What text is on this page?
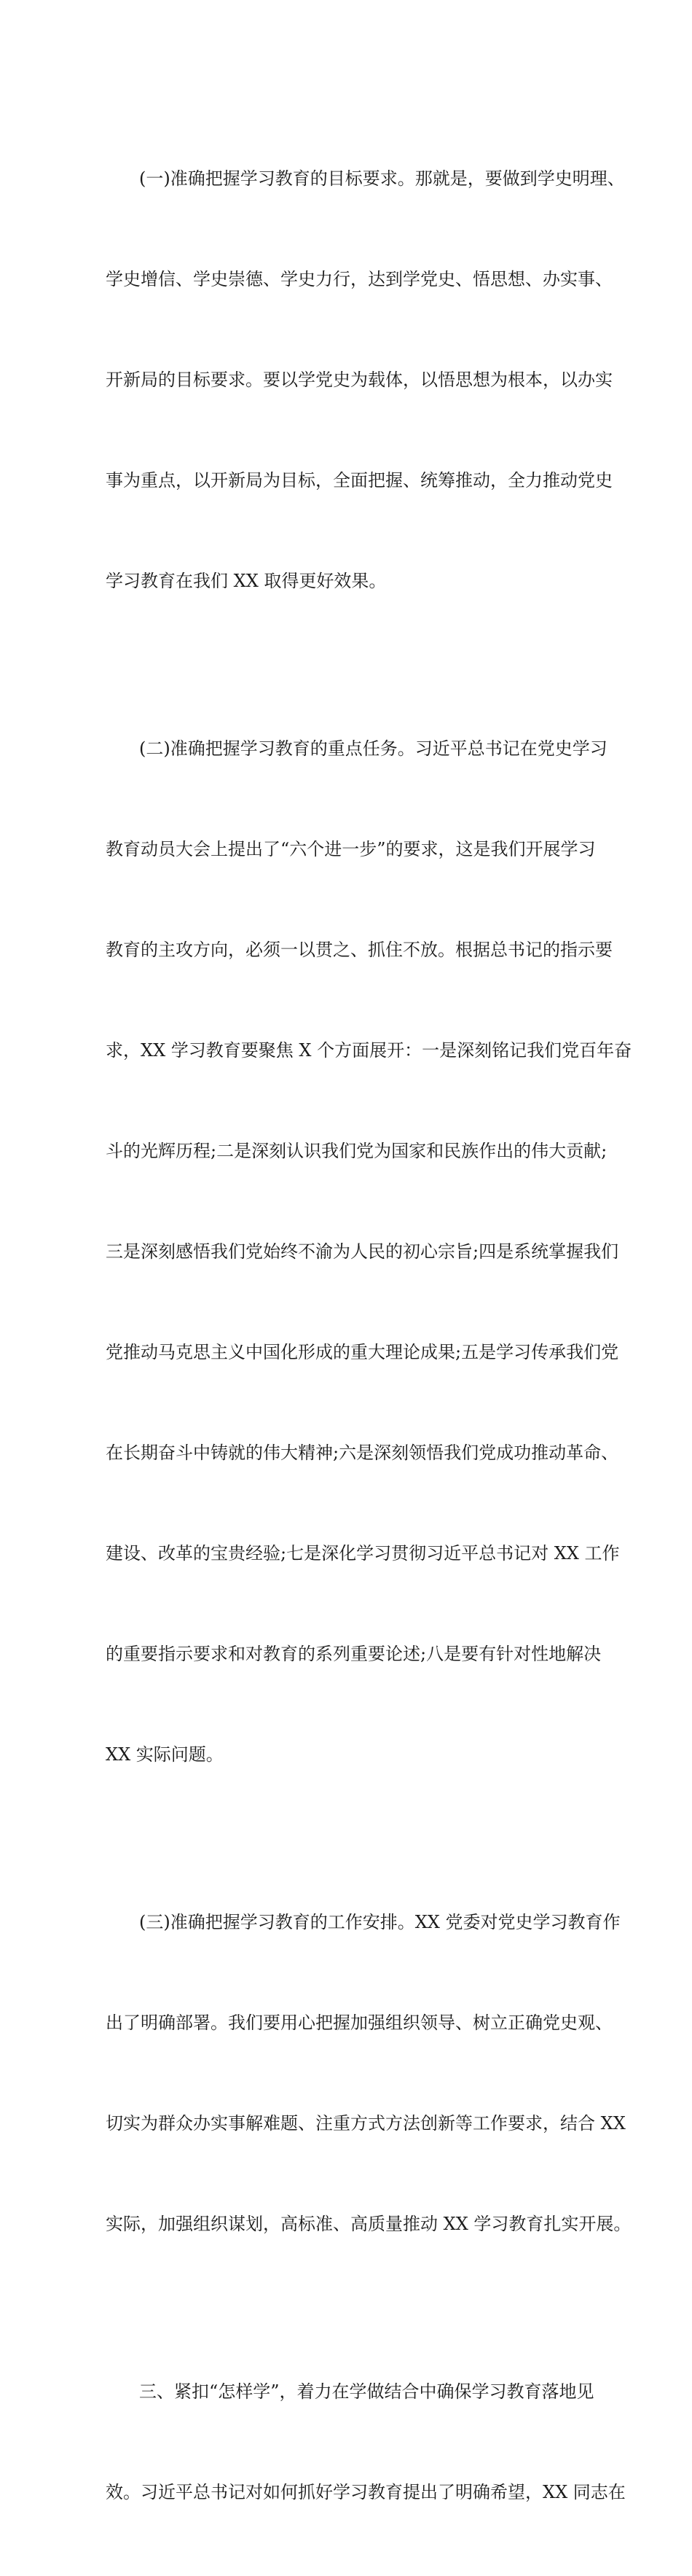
(一)准确把握学习教育的目标要求。那就是，要做到学史明理、

学史增信、学史崇德、学史力行，达到学党史、悟思想、办实事、

开新局的目标要求。要以学党史为载体，以悟思想为根本，以办实

事为重点，以开新局为目标，全面把握、统筹推动，全力推动党史

学习教育在我们 XX 取得更好效果。

(二)准确把握学习教育的重点任务。习近平总书记在党史学习

教育动员大会上提出了“六个进一步”的要求，这是我们开展学习

教育的主攻方向，必须一以贯之、抓住不放。根据总书记的指示要

求，XX 学习教育要聚焦 X 个方面展开：一是深刻铭记我们党百年奋

斗的光辉历程;二是深刻认识我们党为国家和民族作出的伟大贡献;

三是深刻感悟我们党始终不渝为人民的初心宗旨;四是系统掌握我们

党推动马克思主义中国化形成的重大理论成果;五是学习传承我们党

在长期奋斗中铸就的伟大精神;六是深刻领悟我们党成功推动革命、

建设、改革的宝贵经验;七是深化学习贯彻习近平总书记对 XX 工作

的重要指示要求和对教育的系列重要论述;八是要有针对性地解决

XX 实际问题。

(三)准确把握学习教育的工作安排。XX 党委对党史学习教育作

出了明确部署。我们要用心把握加强组织领导、树立正确党史观、

切实为群众办实事解难题、注重方式方法创新等工作要求，结合 XX

实际，加强组织谋划，高标准、高质量推动 XX 学习教育扎实开展。

三、紧扣“怎样学”，着力在学做结合中确保学习教育落地见

效。习近平总书记对如何抓好学习教育提出了明确希望，XX 同志在
